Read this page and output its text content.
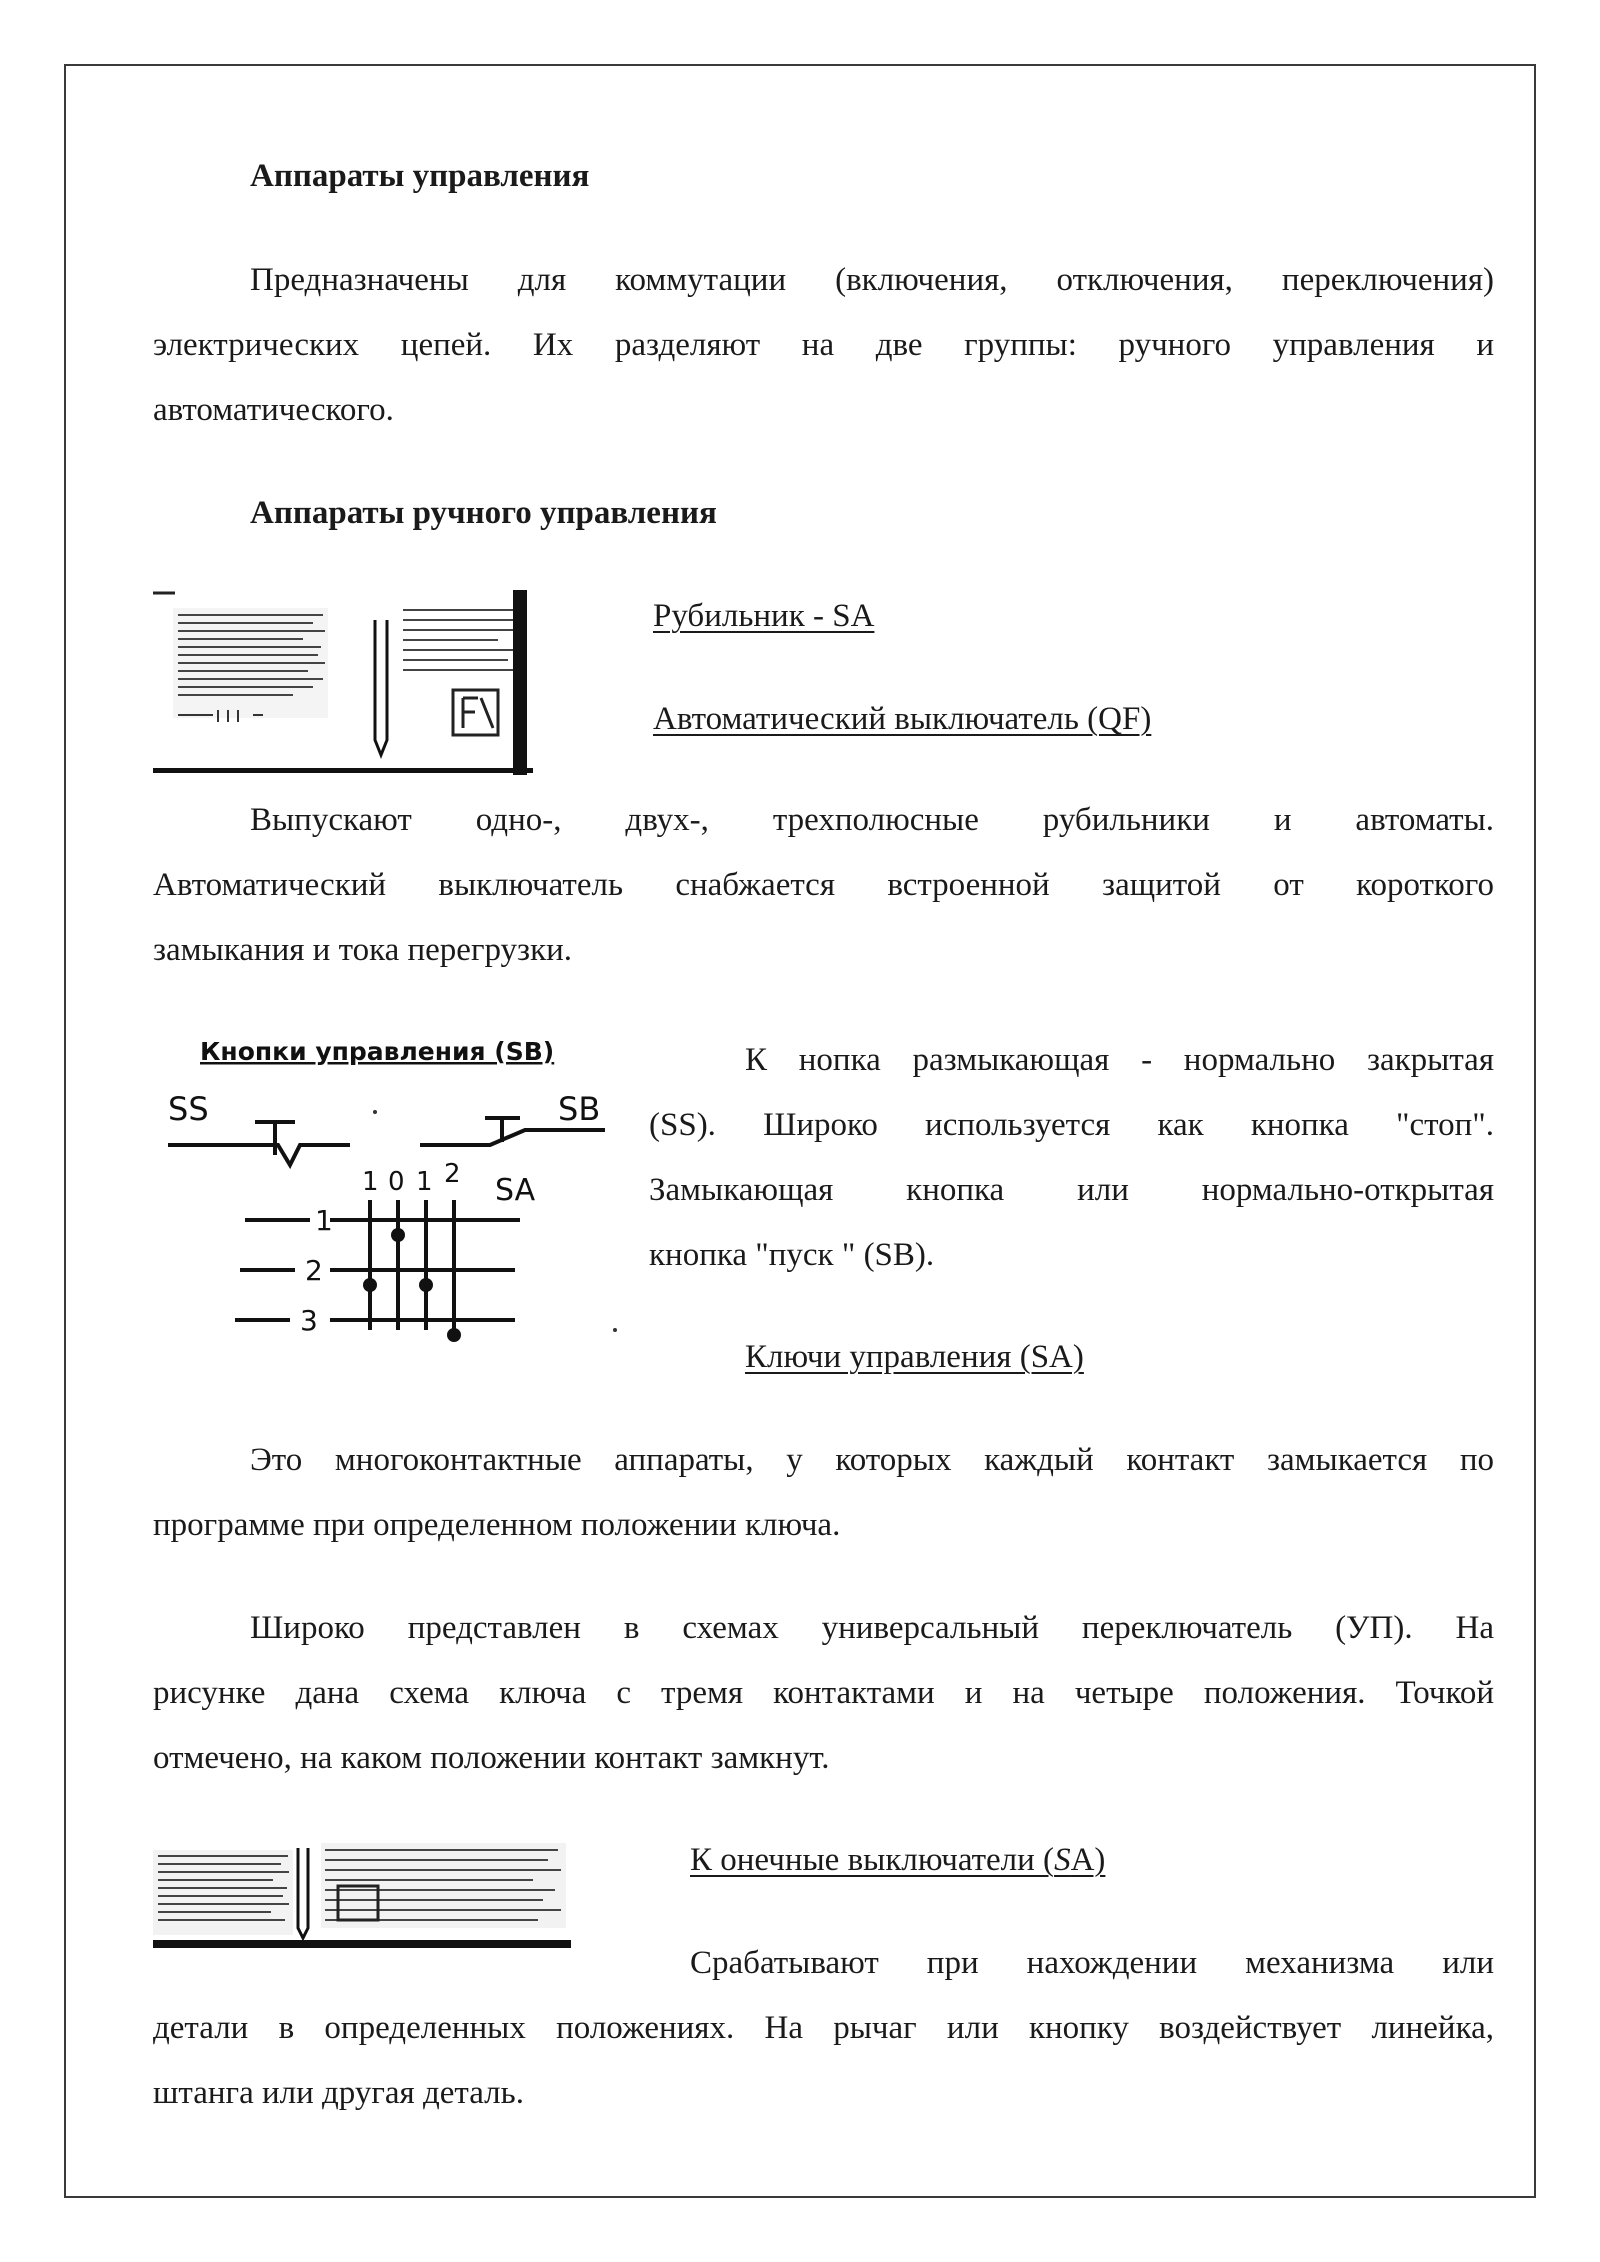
Аппараты управления
Предназначены для коммутации (включения, отключения, переключения)
электрических цепей. Их разделяют на две группы: ручного управления и
автоматического.
Аппараты ручного управления
Рубильник - SA
Автоматический выключатель (QF)
Выпускают одно-, двух-, трехполюсные рубильники и автоматы.
Автоматический выключатель снабжается встроенной защитой от короткого
замыкания и тока перегрузки.
Кнопки управления (SB)
SS	SB
1 0 1 2 SA
1
2
3
К нопка размыкающая - нормально закрытая
(SS). Широко используется как кнопка "стоп".
Замыкающая кнопка или нормально-открытая
кнопка "пуск " (SB).
Ключи управления (SA)
Это многоконтактные аппараты, у которых каждый контакт замыкается по
программе при определенном положении ключа.
Широко представлен в схемах универсальный переключатель (УП). На
рисунке дана схема ключа с тремя контактами и на четыре положения. Точкой
отмечено, на каком положении контакт замкнут.
К онечные выключатели (SA)
Срабатывают при нахождении механизма или
детали в определенных положениях. На рычаг или кнопку воздействует линейка,
штанга или другая деталь.
